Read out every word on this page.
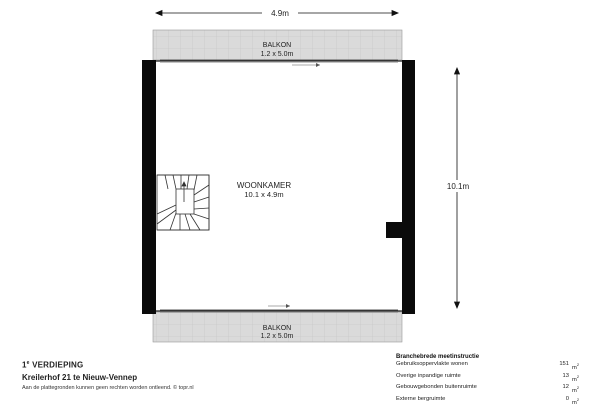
BALKON
1.2 x 5.0m
BALKON
1.2 x 5.0m
WOONKAMER
10.1 x 4.9m
4.9m
10.1m
1e VERDIEPING
Kreilerhof 21 te Nieuw-Vennep
Aan de plattegronden kunnen geen rechten worden ontleend. © topr.nl
Branchebrede meetinstructie
Gebruiksoppervlakte wonen	151
$m^2$
Overige inpandige ruimte	13
$m^2$
Gebouwgebonden buitenruimte	12
$m^2$
Externe bergruimte	0
$m^2$
